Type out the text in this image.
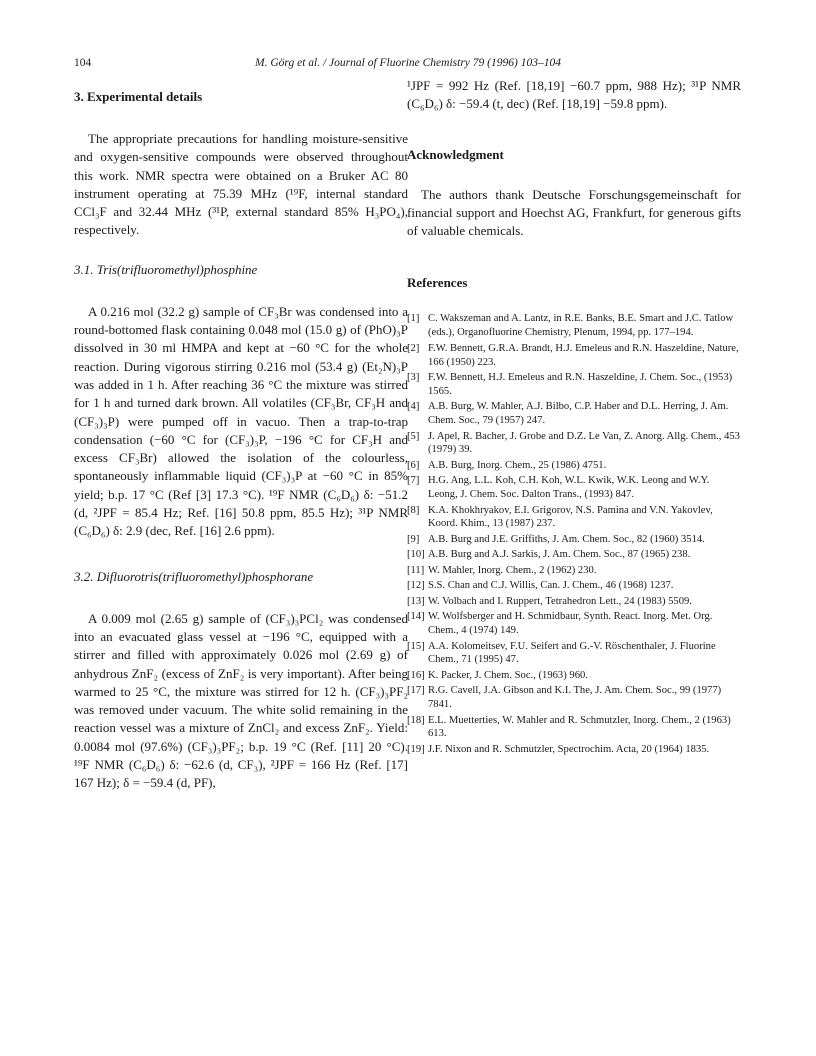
104	M. Görg et al. / Journal of Fluorine Chemistry 79 (1996) 103–104
3. Experimental details

The appropriate precautions for handling moisture-sensitive and oxygen-sensitive compounds were observed throughout this work. NMR spectra were obtained on a Bruker AC 80 instrument operating at 75.39 MHz (¹⁹F, internal standard CCl₃F and 32.44 MHz (³¹P, external standard 85% H₃PO₄), respectively.

3.1. Tris(trifluoromethyl)phosphine

A 0.216 mol (32.2 g) sample of CF₃Br was condensed into a round-bottomed flask containing 0.048 mol (15.0 g) of (PhO)₃P dissolved in 30 ml HMPA and kept at −60 °C for the whole reaction. During vigorous stirring 0.216 mol (53.4 g) (Et₂N)₃P was added in 1 h. After reaching 36 °C the mixture was stirred for 1 h and turned dark brown. All volatiles (CF₃Br, CF₃H and (CF₃)₃P) were pumped off in vacuo. Then a trap-to-trap condensation (−60 °C for (CF₃)₃P, −196 °C for CF₃H and excess CF₃Br) allowed the isolation of the colourless, spontaneously inflammable liquid (CF₃)₃P at −60 °C in 85% yield; b.p. 17 °C (Ref [3] 17.3 °C). ¹⁹F NMR (C₆D₆) δ: −51.2 (d, ²JPF = 85.4 Hz; Ref. [16] 50.8 ppm, 85.5 Hz); ³¹P NMR (C₆D₆) δ: 2.9 (dec, Ref. [16] 2.6 ppm).

3.2. Difluorotris(trifluoromethyl)phosphorane

A 0.009 mol (2.65 g) sample of (CF₃)₃PCl₂ was condensed into an evacuated glass vessel at −196 °C, equipped with a stirrer and filled with approximately 0.026 mol (2.69 g) of anhydrous ZnF₂ (excess of ZnF₂ is very important). After being warmed to 25 °C, the mixture was stirred for 12 h. (CF₃)₃PF₂ was removed under vacuum. The white solid remaining in the reaction vessel was a mixture of ZnCl₂ and excess ZnF₂. Yield: 0.0084 mol (97.6%) (CF₃)₃PF₂; b.p. 19 °C (Ref. [11] 20 °C). ¹⁹F NMR (C₆D₆) δ: −62.6 (d, CF₃), ²JPF = 166 Hz (Ref. [17] 167 Hz); δ = −59.4 (d, PF),

¹JPF = 992 Hz (Ref. [18,19] −60.7 ppm, 988 Hz); ³¹P NMR (C₆D₆) δ: −59.4 (t, dec) (Ref. [18,19] −59.8 ppm).

Acknowledgment

The authors thank Deutsche Forschungsgemeinschaft for financial support and Hoechst AG, Frankfurt, for generous gifts of valuable chemicals.

References
[1] C. Wakszeman and A. Lantz, in R.E. Banks, B.E. Smart and J.C. Tatlow (eds.), Organofluorine Chemistry, Plenum, 1994, pp. 177–194.
[2] F.W. Bennett, G.R.A. Brandt, H.J. Emeleus and R.N. Haszeldine, Nature, 166 (1950) 223.
[3] F.W. Bennett, H.J. Emeleus and R.N. Haszeldine, J. Chem. Soc., (1953) 1565.
[4] A.B. Burg, W. Mahler, A.J. Bilbo, C.P. Haber and D.L. Herring, J. Am. Chem. Soc., 79 (1957) 247.
[5] J. Apel, R. Bacher, J. Grobe and D.Z. Le Van, Z. Anorg. Allg. Chem., 453 (1979) 39.
[6] A.B. Burg, Inorg. Chem., 25 (1986) 4751.
[7] H.G. Ang, L.L. Koh, C.H. Koh, W.L. Kwik, W.K. Leong and W.Y. Leong, J. Chem. Soc. Dalton Trans., (1993) 847.
[8] K.A. Khokhryakov, E.I. Grigorov, N.S. Pamina and V.N. Yakovlev, Koord. Khim., 13 (1987) 237.
[9] A.B. Burg and J.E. Griffiths, J. Am. Chem. Soc., 82 (1960) 3514.
[10] A.B. Burg and A.J. Sarkis, J. Am. Chem. Soc., 87 (1965) 238.
[11] W. Mahler, Inorg. Chem., 2 (1962) 230.
[12] S.S. Chan and C.J. Willis, Can. J. Chem., 46 (1968) 1237.
[13] W. Volbach and I. Ruppert, Tetrahedron Lett., 24 (1983) 5509.
[14] W. Wolfsberger and H. Schmidbaur, Synth. React. Inorg. Met. Org. Chem., 4 (1974) 149.
[15] A.A. Kolomeitsev, F.U. Seifert and G.-V. Röschenthaler, J. Fluorine Chem., 71 (1995) 47.
[16] K. Packer, J. Chem. Soc., (1963) 960.
[17] R.G. Cavell, J.A. Gibson and K.I. The, J. Am. Chem. Soc., 99 (1977) 7841.
[18] E.L. Muetterties, W. Mahler and R. Schmutzler, Inorg. Chem., 2 (1963) 613.
[19] J.F. Nixon and R. Schmutzler, Spectrochim. Acta, 20 (1964) 1835.
